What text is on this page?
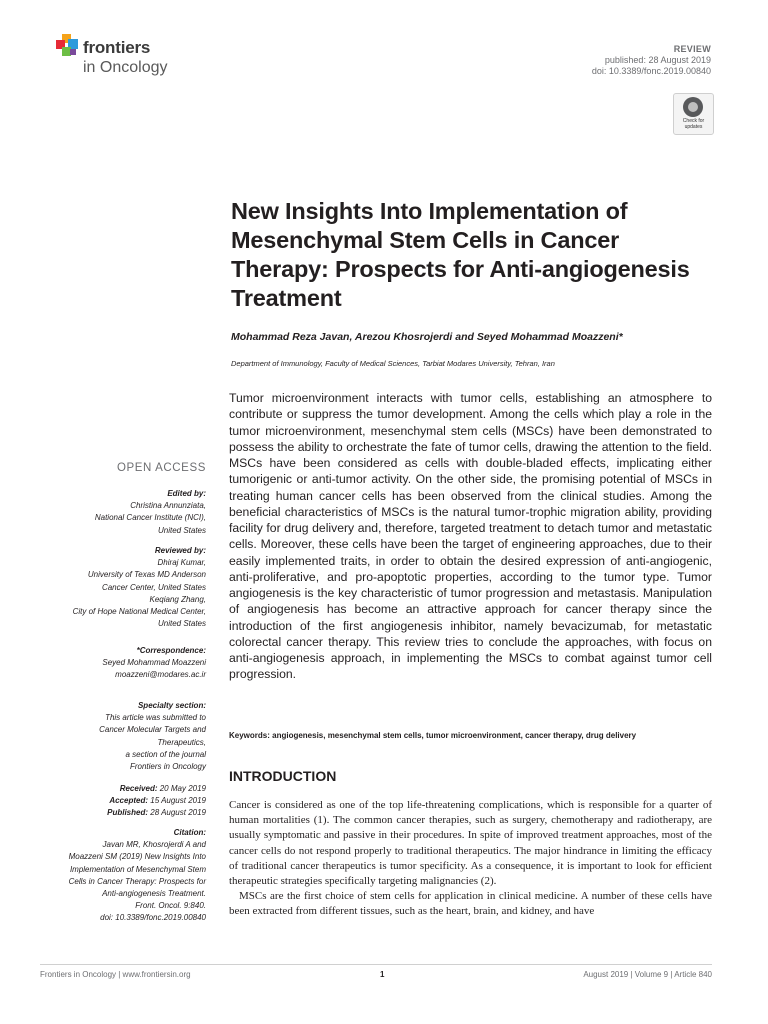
frontiers
in Oncology
REVIEW
published: 28 August 2019
doi: 10.3389/fonc.2019.00840
Check for updates
New Insights Into Implementation of Mesenchymal Stem Cells in Cancer Therapy: Prospects for Anti-angiogenesis Treatment
Mohammad Reza Javan, Arezou Khosrojerdi and Seyed Mohammad Moazzeni*
Department of Immunology, Faculty of Medical Sciences, Tarbiat Modares University, Tehran, Iran
Tumor microenvironment interacts with tumor cells, establishing an atmosphere to contribute or suppress the tumor development. Among the cells which play a role in the tumor microenvironment, mesenchymal stem cells (MSCs) have been demonstrated to possess the ability to orchestrate the fate of tumor cells, drawing the attention to the field. MSCs have been considered as cells with double-bladed effects, implicating either tumorigenic or anti-tumor activity. On the other side, the promising potential of MSCs in treating human cancer cells has been observed from the clinical studies. Among the beneficial characteristics of MSCs is the natural tumor-trophic migration ability, providing facility for drug delivery and, therefore, targeted treatment to detach tumor and metastatic cells. Moreover, these cells have been the target of engineering approaches, due to their easily implemented traits, in order to obtain the desired expression of anti-angiogenic, anti-proliferative, and pro-apoptotic properties, according to the tumor type. Tumor angiogenesis is the key characteristic of tumor progression and metastasis. Manipulation of angiogenesis has become an attractive approach for cancer therapy since the introduction of the first angiogenesis inhibitor, namely bevacizumab, for metastatic colorectal cancer therapy. This review tries to conclude the approaches, with focus on anti-angiogenesis approach, in implementing the MSCs to combat against tumor cell progression.
Keywords: angiogenesis, mesenchymal stem cells, tumor microenvironment, cancer therapy, drug delivery
INTRODUCTION

Cancer is considered as one of the top life-threatening complications, which is responsible for a quarter of human mortalities (1). The common cancer therapies, such as surgery, chemotherapy and radiotherapy, are usually symptomatic and passive in their procedures. In spite of improved treatment approaches, most of the cancer cells do not respond properly to traditional therapeutics. The major hindrance in limiting the efficacy of traditional cancer therapeutics is tumor specificity. As a consequence, it is important to look for efficient therapeutic strategies specifically targeting malignancies (2).

MSCs are the first choice of stem cells for application in clinical medicine. A number of these cells have been extracted from different tissues, such as the heart, brain, and kidney, and have

OPEN ACCESS
Edited by:
Christina Annunziata,
National Cancer Institute (NCI),
United States
Reviewed by:
Dhiraj Kumar,
University of Texas MD Anderson
Cancer Center, United States
Keqiang Zhang,
City of Hope National Medical Center,
United States
*Correspondence:
Seyed Mohammad Moazzeni
moazzeni@modares.ac.ir
Specialty section:
This article was submitted to
Cancer Molecular Targets and
Therapeutics,
a section of the journal
Frontiers in Oncology
Received: 20 May 2019
Accepted: 15 August 2019
Published: 28 August 2019
Citation:
Javan MR, Khosrojerdi A and
Moazzeni SM (2019) New Insights Into
Implementation of Mesenchymal Stem
Cells in Cancer Therapy: Prospects for
Anti-angiogenesis Treatment.
Front. Oncol. 9:840.
doi: 10.3389/fonc.2019.00840
Frontiers in Oncology | www.frontiersin.org	1	August 2019 | Volume 9 | Article 840
